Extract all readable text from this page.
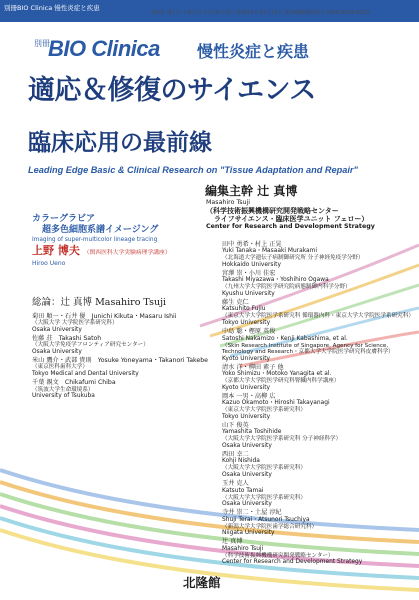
別冊BIO Clinica 慢性炎症と疾患
第8巻 第1号 令和元年7月10日発行 昭和61年12月12日 第3種郵便物認可 ISSN 0919-8237
別冊
BIO Clinica 慢性炎症と疾患
適応＆修復のサイエンス
臨床応用の最前線
Leading Edge Basic & Clinical Research on "Tissue Adaptation and Repair"
編集主幹 辻 真博
Masahiro Tsuji
（科学技術振興機構研究開発戦略センター
ライフサイエンス・臨床医学ユニット フェロー）
Center for Research and Development Strategy
カラーグラビア
超多色細胞系譜イメージング
Imaging of super-multicolor lineage tracing
上野 博夫 （関西医科大学実験病理学講座）
Hiroo Ueno
総論：辻 真博 Masahiro Tsuji
菊田 順一・石井 優　Junichi Kikuta・Masaru Ishii
（大阪大学 大学院医学系研究科）
Osaka University
佐藤 荘　Takashi Satoh
（大阪大学免疫学フロンティア研究センター）
Osaka University
米山 鷹介・武部 貴則　Yosuke Yoneyama・Takanori Takebe
（東京医科歯科大学）
Tokyo Medical and Dental University
千葉 親文　Chikafumi Chiba
（筑波大学生命環境系）
University of Tsukuba
田中 勇希・村上 正晃
Yuki Tanaka・Masaaki Murakami
（北海道大学遺伝子病制御研究所 分子神経免疫学分野）
Hokkaido University
宮澤 崇・小川 佳宏
Takashi Miyazawa・Yoshihiro Ogawa
（九州大学大学院医学研究院病態制御内科学分野）
Kyushu University
藤生 克仁
Katsuhito Fujiu
（東京大学大学院医学系研究科 循環器内科・東京大学大学院医学系研究科）
Tokyo University
中島 聡・樫原 英俊
Satoshi Nakamizo・Kenji Kabashima, et al.
（Skin Research Institute of Singapore, Agency for Science, Technology and Research・京都大学大学院医学研究科皮膚科学）
Kyoto University
清水 洋・柳田 素子 他
Yoko Shimizu・Motoko Yanagita et al.
（京都大学大学院医学研究科腎臓内科学講座）
Kyoto University
岡本 一男・高柳 広
Kazuo Okamoto・Hiroshi Takayanagi
（東京大学大学院医学系研究科）
Tokyo University
山下 俊英
Yamashita Toshihide
（大阪大学大学院医学系研究科 分子神経科学）
Osaka University
西田 幸二
Kohji Nishida
（大阪大学大学院医学系研究科）
Osaka University
玉井 克人
Katsuto Tamai
（大阪大学大学院医学系研究科）
Osaka University
寺井 崇二・土屋 淳紀
Shuji Terai・Atsunori Tsuchiya
（新潟大学大学院医歯学総合研究科）
Niigata University
辻 真博
Masahiro Tsuji
（科学技術振興機構研究開発戦略センター）
Center for Research and Development Strategy
北隆館
